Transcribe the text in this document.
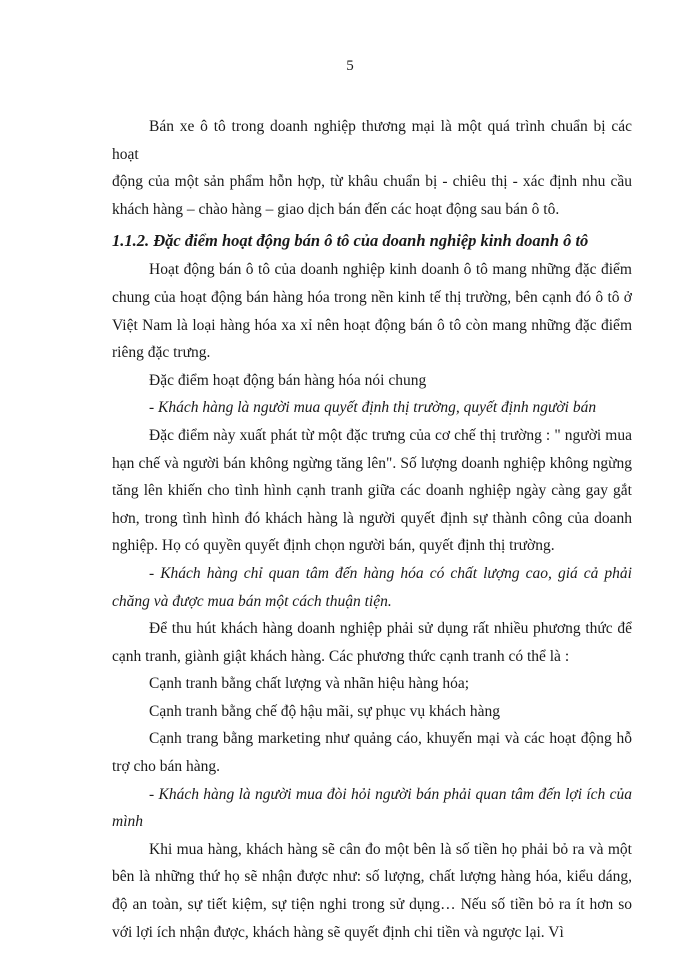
5

Bán xe ô tô trong doanh nghiệp thương mại là một quá trình chuẩn bị các hoạt

động của một sản phẩm hỗn hợp, từ khâu chuẩn bị - chiêu thị - xác định nhu cầu

khách hàng – chào hàng – giao dịch bán đến các hoạt động sau bán ô tô.

1.1.2. Đặc điểm hoạt động bán ô tô của doanh nghiệp kinh doanh ô tô

Hoạt động bán ô tô của doanh nghiệp kinh doanh ô tô mang những đặc điểm chung của hoạt động bán hàng hóa trong nền kinh tế thị trường, bên cạnh đó ô tô ở Việt Nam là loại hàng hóa xa xỉ nên hoạt động bán ô tô còn mang những đặc điểm riêng đặc trưng.

Đặc điểm hoạt động bán hàng hóa nói chung

- Khách hàng là người mua quyết định thị trường, quyết định người bán

Đặc điểm này xuất phát từ một đặc trưng của cơ chế thị trường : " người mua hạn chế và người bán không ngừng tăng lên". Số lượng doanh nghiệp không ngừng tăng lên khiến cho tình hình cạnh tranh giữa các doanh nghiệp ngày càng gay gắt hơn, trong tình hình đó khách hàng là người quyết định sự thành công của doanh nghiệp. Họ có quyền quyết định chọn người bán, quyết định thị trường.

- Khách hàng chỉ quan tâm đến hàng hóa có chất lượng cao, giá cả phải chăng và được mua bán một cách thuận tiện.

Để thu hút khách hàng doanh nghiệp phải sử dụng rất nhiều phương thức để cạnh tranh, giành giật khách hàng. Các phương thức cạnh tranh có thể là :

Cạnh tranh bằng chất lượng và nhãn hiệu hàng hóa;

Cạnh tranh bằng chế độ hậu mãi, sự phục vụ khách hàng

Cạnh trang bằng marketing như quảng cáo, khuyến mại và các hoạt động hỗ trợ cho bán hàng.

- Khách hàng là người mua đòi hỏi người bán phải quan tâm đến lợi ích của mình

Khi mua hàng, khách hàng sẽ cân đo một bên là số tiền họ phải bỏ ra và một bên là những thứ họ sẽ nhận được như: số lượng, chất lượng hàng hóa, kiểu dáng, độ an toàn, sự tiết kiệm, sự tiện nghi trong sử dụng… Nếu số tiền bỏ ra ít hơn so với lợi ích nhận được, khách hàng sẽ quyết định chi tiền và ngược lại. Vì
